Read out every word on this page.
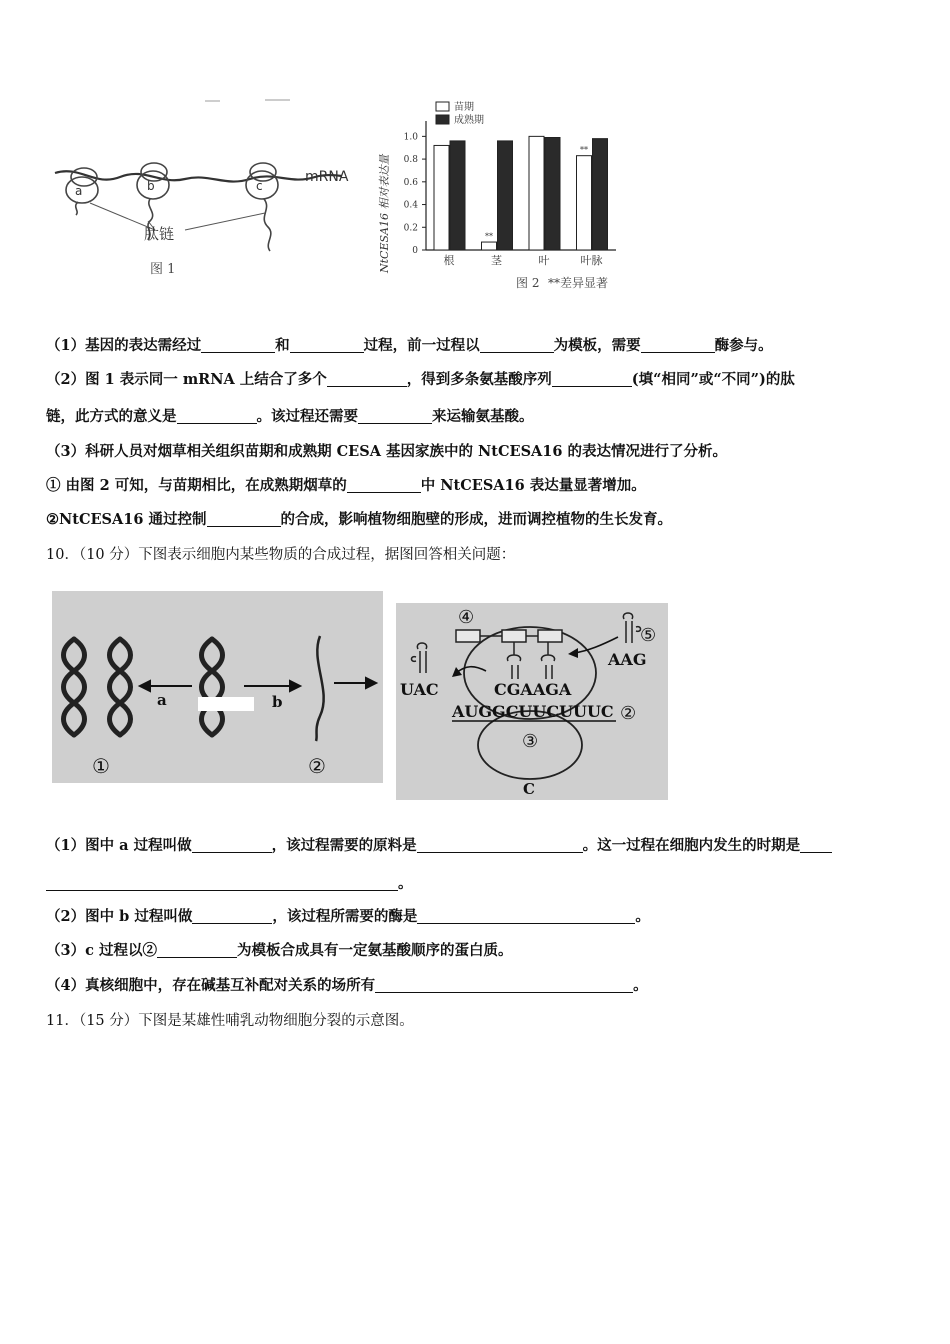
a	b	c
mRNA
肽链
图 1	NtCESA16 相对表达量 0
0.2
0.4
0.6
0.8
1.0
**
**
根	茎	叶	叶脉
苗期
成熟期
图 2 **差异显著
（1）基因的表达需经过	和	过程，前一过程以	为模板，需要	酶参与。
（2）图 1 表示同一 mRNA 上结合了多个	，得到多条氨基酸序列	(填“相同”或“不同”)的肽
链，此方式的意义是	。该过程还需要	来运输氨基酸。
（3）科研人员对烟草相关组织苗期和成熟期 CESA 基因家族中的 NtCESA16 的表达情况进行了分析。
① 由图 2 可知，与苗期相比，在成熟期烟草的	中 NtCESA16 表达量显著增加。
②NtCESA16 通过控制	的合成，影响植物细胞壁的形成，进而调控植物的生长发育。
10．（10 分）下图表示细胞内某些物质的合成过程，据图回答相关问题：
a	b
①	②
④
⑤
UAC
AAG
CGAAGA
AUGGCUUCUUUC ②
③
C
（1）图中 a 过程叫做	，该过程需要的原料是	。这一过程在细胞内发生的时期是
。
（2）图中 b 过程叫做	，该过程所需要的酶是	。
（3）c 过程以②	为模板合成具有一定氨基酸顺序的蛋白质。
（4）真核细胞中，存在碱基互补配对关系的场所有	。
11．（15 分）下图是某雄性哺乳动物细胞分裂的示意图。
